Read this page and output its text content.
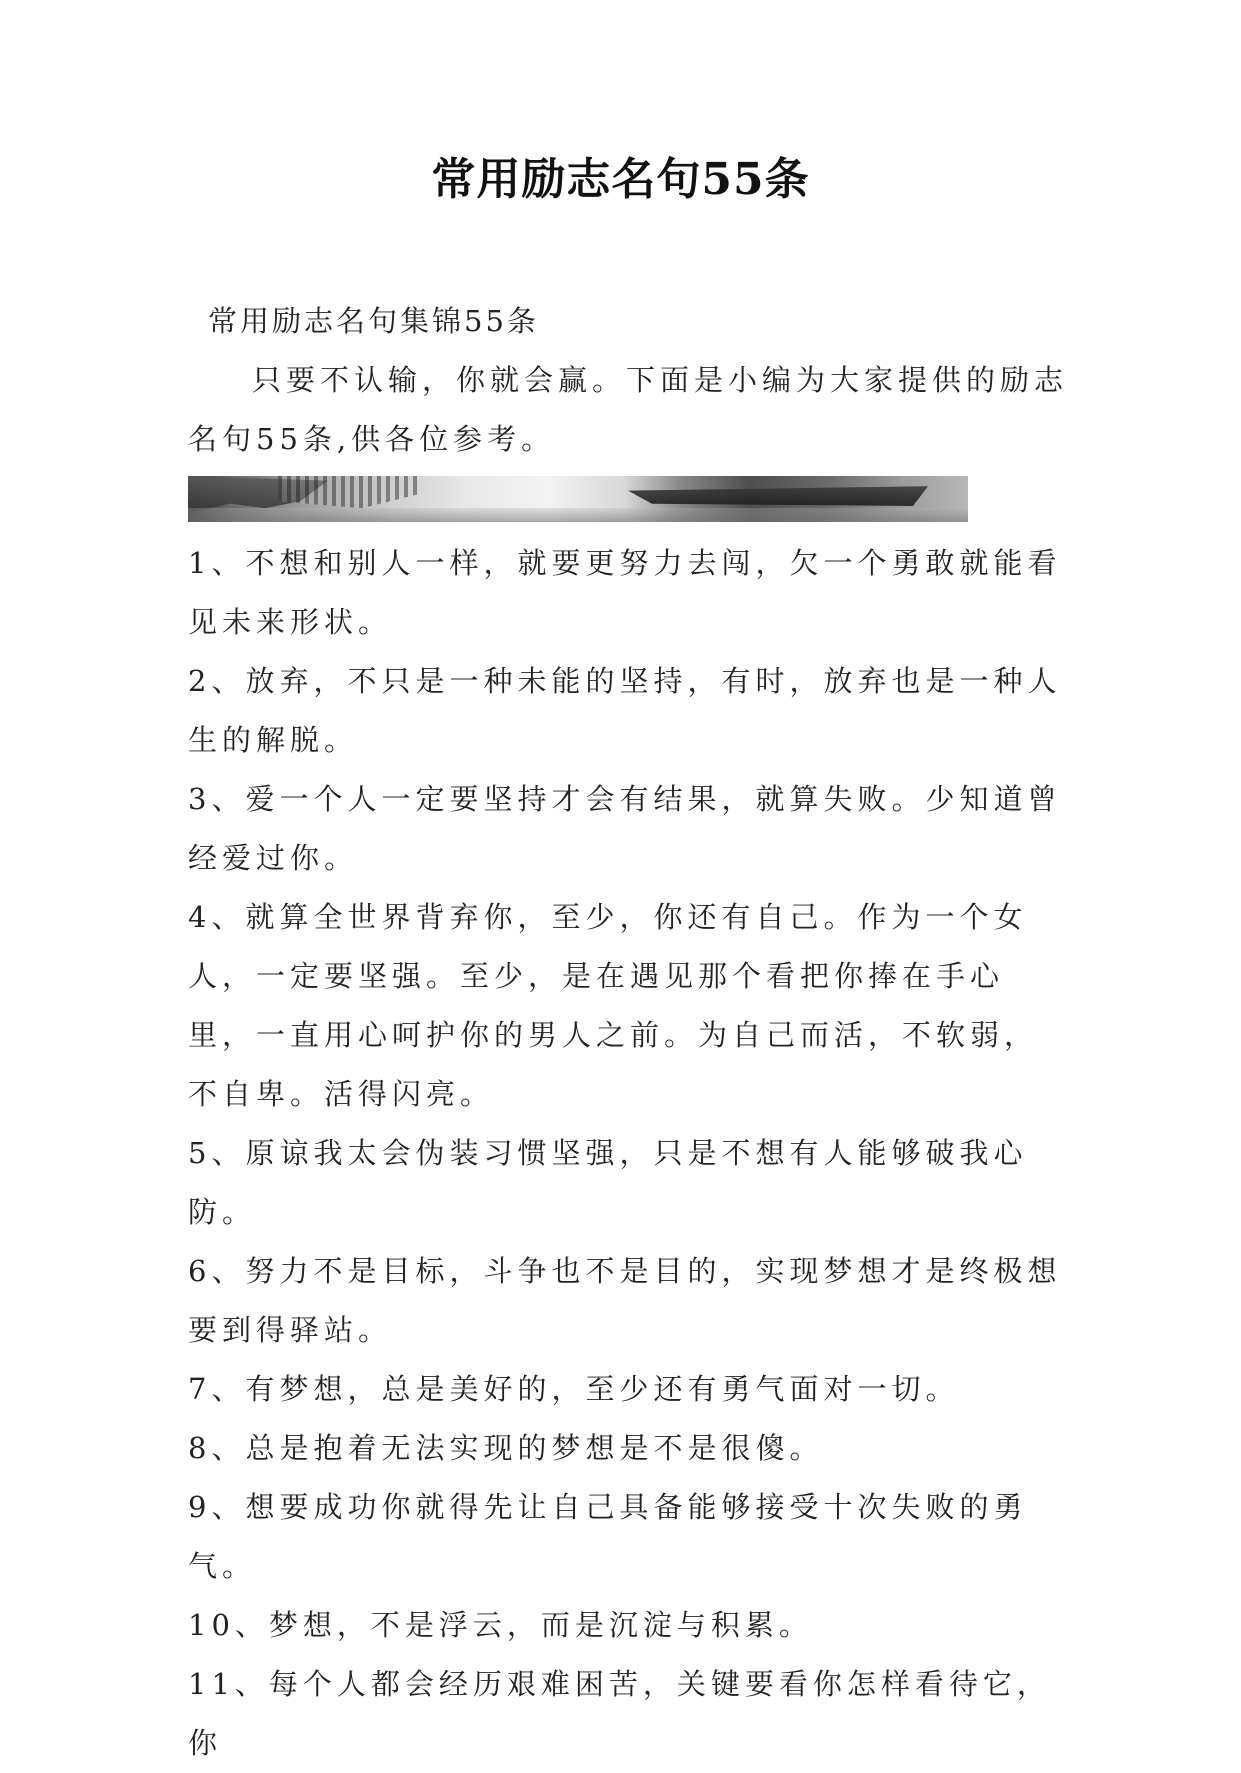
常用励志名句55条

常用励志名句集锦55条

只要不认输，你就会赢。下面是小编为大家提供的励志名句55条,供各位参考。

1、不想和别人一样，就要更努力去闯，欠一个勇敢就能看见未来形状。

2、放弃，不只是一种未能的坚持，有时，放弃也是一种人生的解脱。

3、爱一个人一定要坚持才会有结果，就算失败。少知道曾经爱过你。

4、就算全世界背弃你，至少，你还有自己。作为一个女人，一定要坚强。至少，是在遇见那个看把你捧在手心里，一直用心呵护你的男人之前。为自己而活，不软弱，不自卑。活得闪亮。

5、原谅我太会伪装习惯坚强，只是不想有人能够破我心防。

6、努力不是目标，斗争也不是目的，实现梦想才是终极想要到得驿站。

7、有梦想，总是美好的，至少还有勇气面对一切。

8、总是抱着无法实现的梦想是不是很傻。

9、想要成功你就得先让自己具备能够接受十次失败的勇气。

10、梦想，不是浮云，而是沉淀与积累。

11、每个人都会经历艰难困苦，关键要看你怎样看待它，你
